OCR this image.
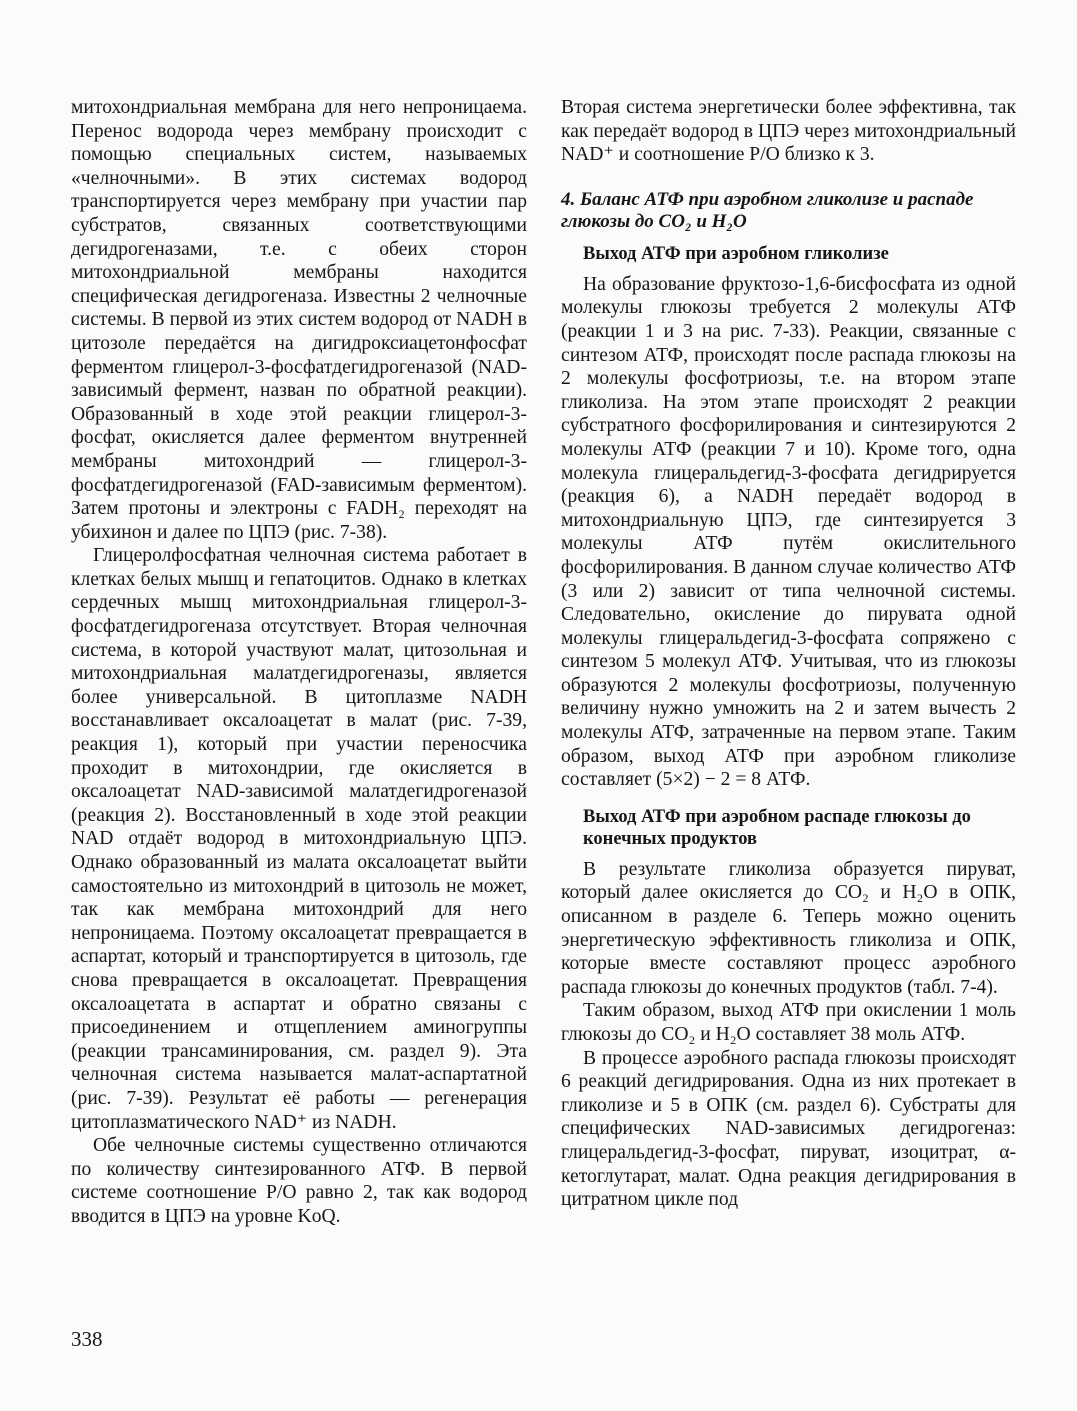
митохондриальная мембрана для него непроницаема. Перенос водорода через мембрану происходит с помощью специальных систем, называемых «челночными». В этих системах водород транспортируется через мембрану при участии пар субстратов, связанных соответствующими дегидрогеназами, т.е. с обеих сторон митохондриальной мембраны находится специфическая дегидрогеназа. Известны 2 челночные системы. В первой из этих систем водород от NADH в цитозоле передаётся на дигидроксиацетонфосфат ферментом глицерол-3-фосфатдегидрогеназой (NAD-зависимый фермент, назван по обратной реакции). Образованный в ходе этой реакции глицерол-3-фосфат, окисляется далее ферментом внутренней мембраны митохондрий — глицерол-3-фосфатдегидрогеназой (FAD-зависимым ферментом). Затем протоны и электроны с FADH₂ переходят на убихинон и далее по ЦПЭ (рис. 7-38).

Глицеролфосфатная челночная система работает в клетках белых мышц и гепатоцитов. Однако в клетках сердечных мышц митохондриальная глицерол-3-фосфатдегидрогеназа отсутствует. Вторая челночная система, в которой участвуют малат, цитозольная и митохондриальная малатдегидрогеназы, является более универсальной. В цитоплазме NADH восстанавливает оксалоацетат в малат (рис. 7-39, реакция 1), который при участии переносчика проходит в митохондрии, где окисляется в оксалоацетат NAD-зависимой малатдегидрогеназой (реакция 2). Восстановленный в ходе этой реакции NAD отдаёт водород в митохондриальную ЦПЭ. Однако образованный из малата оксалоацетат выйти самостоятельно из митохондрий в цитозоль не может, так как мембрана митохондрий для него непроницаема. Поэтому оксалоацетат превращается в аспартат, который и транспортируется в цитозоль, где снова превращается в оксалоацетат. Превращения оксалоацетата в аспартат и обратно связаны с присоединением и отщеплением аминогруппы (реакции трансаминирования, см. раздел 9). Эта челночная система называется малат-аспартатной (рис. 7-39). Результат её работы — регенерация цитоплазматического NAD⁺ из NADH.

Обе челночные системы существенно отличаются по количеству синтезированного АТФ. В первой системе соотношение P/O равно 2, так как водород вводится в ЦПЭ на уровне KoQ.

Вторая система энергетически более эффективна, так как передаёт водород в ЦПЭ через митохондриальный NAD⁺ и соотношение P/O близко к 3.

4. Баланс АТФ при аэробном гликолизе и распаде глюкозы до CO₂ и H₂O
Выход АТФ при аэробном гликолизе

На образование фруктозо-1,6-бисфосфата из одной молекулы глюкозы требуется 2 молекулы АТФ (реакции 1 и 3 на рис. 7-33). Реакции, связанные с синтезом АТФ, происходят после распада глюкозы на 2 молекулы фосфотриозы, т.е. на втором этапе гликолиза. На этом этапе происходят 2 реакции субстратного фосфорилирования и синтезируются 2 молекулы АТФ (реакции 7 и 10). Кроме того, одна молекула глицеральдегид-3-фосфата дегидрируется (реакция 6), а NADH передаёт водород в митохондриальную ЦПЭ, где синтезируется 3 молекулы АТФ путём окислительного фосфорилирования. В данном случае количество АТФ (3 или 2) зависит от типа челночной системы. Следовательно, окисление до пирувата одной молекулы глицеральдегид-3-фосфата сопряжено с синтезом 5 молекул АТФ. Учитывая, что из глюкозы образуются 2 молекулы фосфотриозы, полученную величину нужно умножить на 2 и затем вычесть 2 молекулы АТФ, затраченные на первом этапе. Таким образом, выход АТФ при аэробном гликолизе составляет (5×2) − 2 = 8 АТФ.

Выход АТФ при аэробном распаде глюкозы до конечных продуктов

В результате гликолиза образуется пируват, который далее окисляется до CO₂ и H₂O в ОПК, описанном в разделе 6. Теперь можно оценить энергетическую эффективность гликолиза и ОПК, которые вместе составляют процесс аэробного распада глюкозы до конечных продуктов (табл. 7-4).

Таким образом, выход АТФ при окислении 1 моль глюкозы до CO₂ и H₂O составляет 38 моль АТФ.

В процессе аэробного распада глюкозы происходят 6 реакций дегидрирования. Одна из них протекает в гликолизе и 5 в ОПК (см. раздел 6). Субстраты для специфических NAD-зависимых дегидрогеназ: глицеральдегид-3-фосфат, пируват, изоцитрат, α-кетоглутарат, малат. Одна реакция дегидрирования в цитратном цикле под

338
